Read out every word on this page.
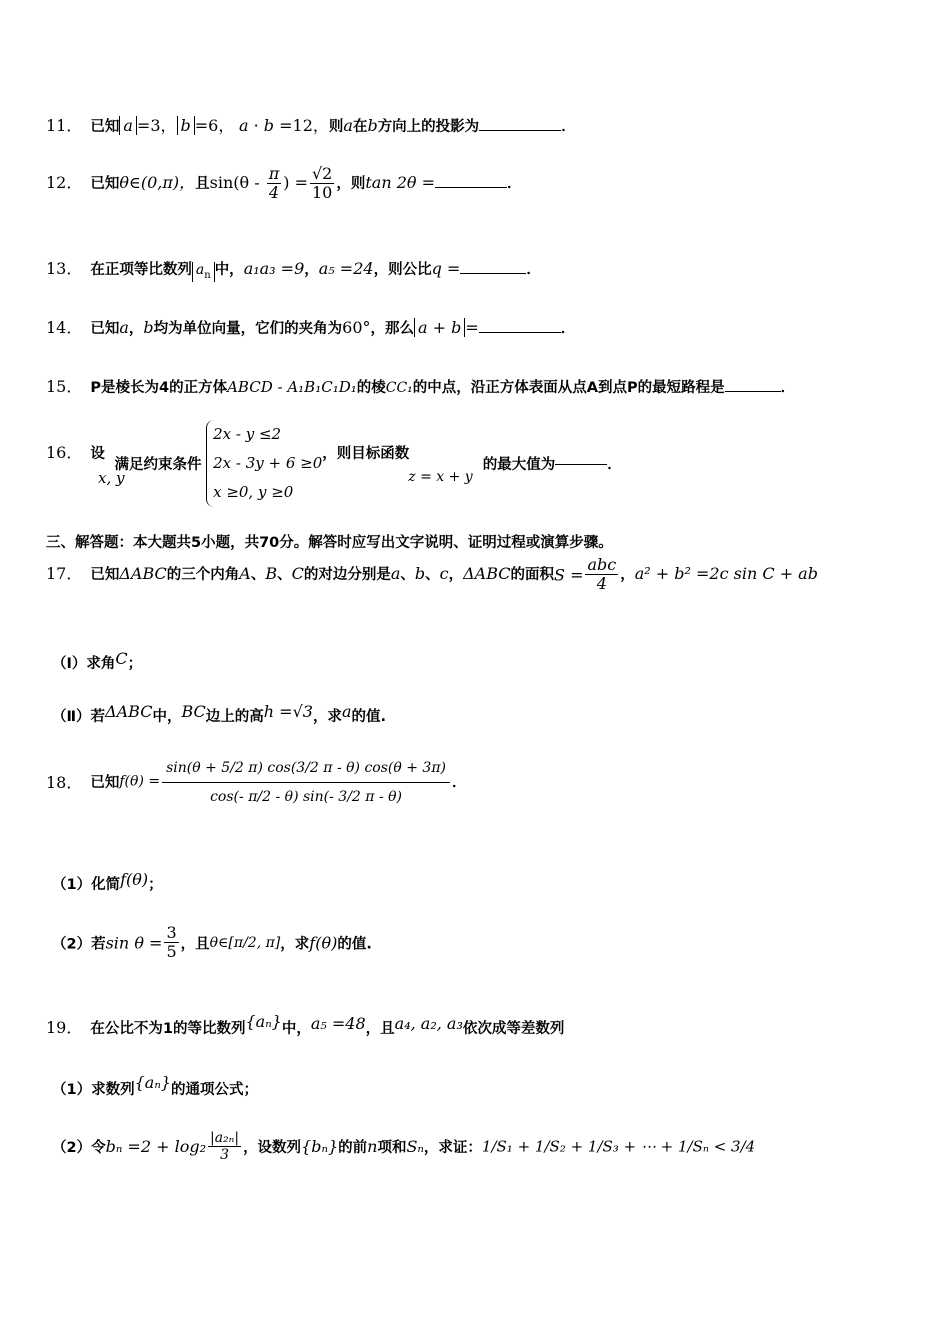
11． 已知 a =3， b =6， a · b =12，则a在b方向上的投影为	．
12． 已知θ∈(0,π)，且$\sin(\theta - \frac{\pi}{4}$ ) = $\frac{√2}{10}$ ，则tan 2θ =	．
13． 在正项等比数列 $a_n$ 中，a₁a₃ =9，a₅ =24，则公比q =	．
14． 已知a，b均为单位向量，它们的夹角为60°，那么 a + b =	．
15． P是棱长为4的正方体ABCD - A₁B₁C₁D₁的棱CC₁的中点，沿正方体表面从点A到点P的最短路程是	．
16． 设
x, y
满足约束条件
2x - y ≤2
2x - 3y + 6 ≥0
x ≥0, y ≥0
，则目标函数
z = x + y
的最大值为	．
三、解答题：本大题共5小题，共70分。解答时应写出文字说明、证明过程或演算步骤。
17． 已知ΔABC的三个内角A、B、C的对边分别是a、b、c，ΔABC的面积$S = \frac{\text{abc}}{4}$ ，a² + b² =2c sin C + ab
（Ⅰ）求角C；
（Ⅱ）若ΔABC中，BC边上的高h =√3，求a的值.
18． 已知$f(\theta) = \frac{\sin(\theta + 5/2 \pi) \cos(3/2 \pi - \theta) \cos(\theta + 3\pi)}{\cos(- \pi/2 - \theta) \sin(- 3/2 \pi - \theta)}$ ．
（1）化简f(θ)；
（2）若$\sin \theta = \frac{3}{5}$ ，且θ∈[π/2, π]，求f(θ)的值.
19． 在公比不为1的等比数列{aₙ}中，a₅ =48，且a₄, a₂, a₃依次成等差数列
（1）求数列{aₙ}的通项公式；
（2）令$b_n =2 + \log_2 \frac{\text{|a₂ₙ|}}{3}$ ，设数列{bₙ}的前n项和Sₙ，求证：1/S₁ + 1/S₂ + 1/S₃ + ⋯ + 1/Sₙ < 3/4
